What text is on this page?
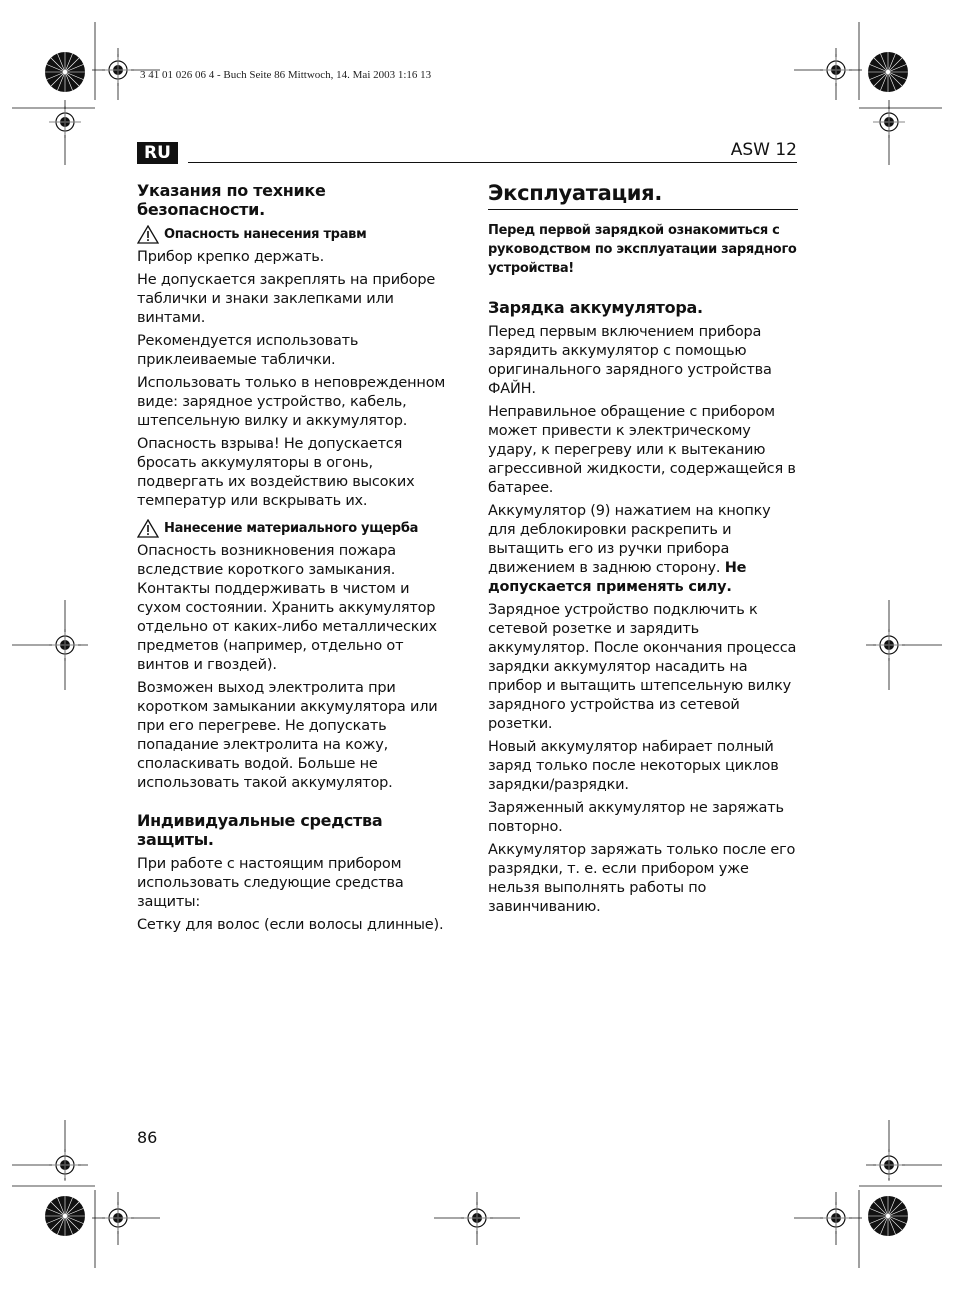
3 41 01 026 06 4 - Buch Seite 86 Mittwoch, 14. Mai 2003 1:16 13
RU	ASW 12
Указания по технике безопасности.
Опасность нанесения травм

Прибор крепко держать.

Не допускается закреплять на приборе таблички и знаки заклепками или винтами.

Рекомендуется использовать приклеиваемые таблички.

Использовать только в неповрежденном виде: зарядное устройство, кабель, штепсельную вилку и аккумулятор.

Опасность взрыва! Не допускается бросать аккумуляторы в огонь, подвергать их воздействию высоких температур или вскрывать их.

Нанесение материального ущерба

Опасность возникновения пожара вследствие короткого замыкания. Контакты поддерживать в чистом и сухом состоянии. Хранить аккумулятор отдельно от каких-либо металлических предметов (например, отдельно от винтов и гвоздей).

Возможен выход электролита при коротком замыкании аккумулятора или при его перегреве. Не допускать попадание электролита на кожу, споласкивать водой. Больше не использовать такой аккумулятор.

Индивидуальные средства защиты.

При работе с настоящим прибором использовать следующие средства защиты:

Сетку для волос (если волосы длинные).

Эксплуатация.
Перед первой зарядкой ознакомиться с руководством по эксплуатации зарядного устройства!
Зарядка аккумулятора.

Перед первым включением прибора зарядить аккумулятор с помощью оригинального зарядного устройства ФАЙН.

Неправильное обращение с прибором может привести к электрическому удару, к перегреву или к вытеканию агрессивной жидкости, содержащейся в батарее.

Аккумулятор (9) нажатием на кнопку для деблокировки раскрепить и вытащить его из ручки прибора движением в заднюю сторону. Не допускается применять силу.

Зарядное устройство подключить к сетевой розетке и зарядить аккумулятор. После окончания процесса зарядки аккумулятор насадить на прибор и вытащить штепсельную вилку зарядного устройства из сетевой розетки.

Новый аккумулятор набирает полный заряд только после некоторых циклов зарядки/разрядки.

Заряженный аккумулятор не заряжать повторно.

Аккумулятор заряжать только после его разрядки, т. е. если прибором уже нельзя выполнять работы по завинчиванию.

86
